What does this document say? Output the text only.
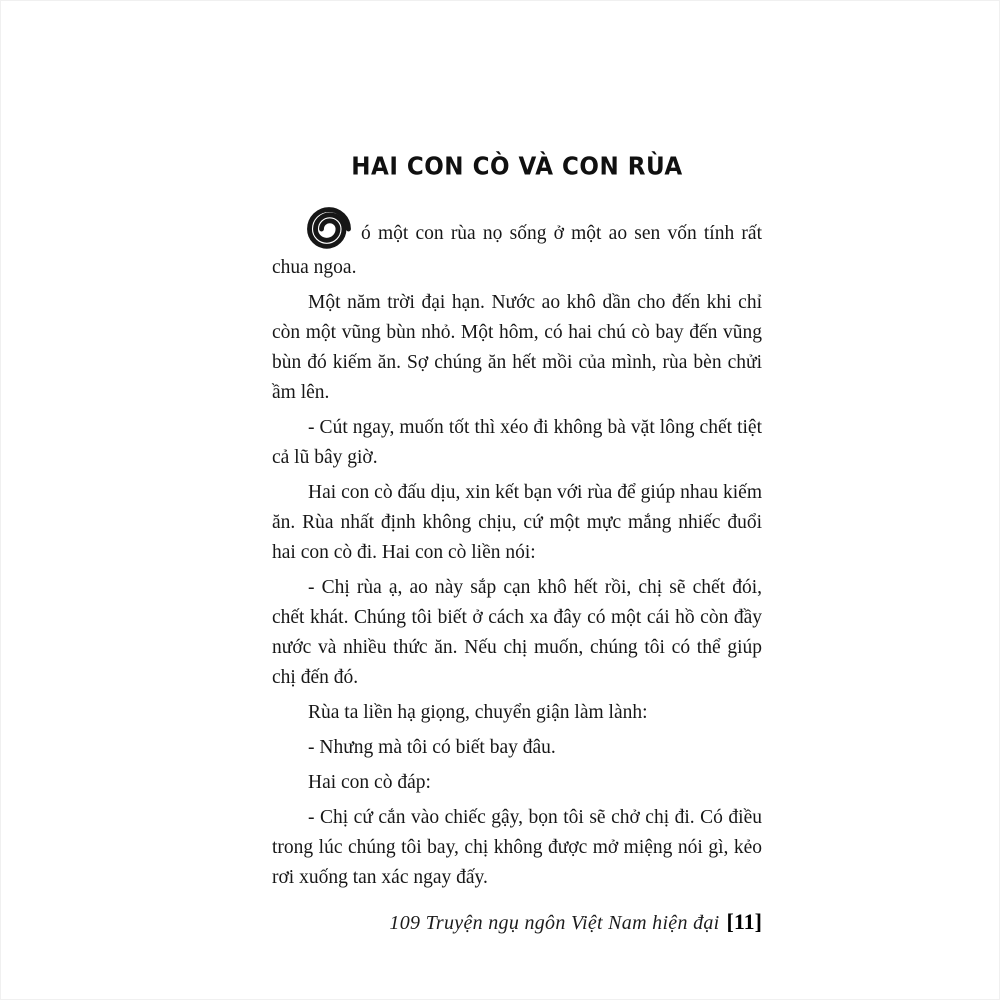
HAI CON CÒ VÀ CON RÙA

ó một con rùa nọ sống ở một ao sen vốn tính rất chua ngoa.

Một năm trời đại hạn. Nước ao khô dần cho đến khi chỉ còn một vũng bùn nhỏ. Một hôm, có hai chú cò bay đến vũng bùn đó kiếm ăn. Sợ chúng ăn hết mồi của mình, rùa bèn chửi ầm lên.

- Cút ngay, muốn tốt thì xéo đi không bà vặt lông chết tiệt cả lũ bây giờ.

Hai con cò đấu dịu, xin kết bạn với rùa để giúp nhau kiếm ăn. Rùa nhất định không chịu, cứ một mực mắng nhiếc đuổi hai con cò đi. Hai con cò liền nói:

- Chị rùa ạ, ao này sắp cạn khô hết rồi, chị sẽ chết đói, chết khát. Chúng tôi biết ở cách xa đây có một cái hồ còn đầy nước và nhiều thức ăn. Nếu chị muốn, chúng tôi có thể giúp chị đến đó.

Rùa ta liền hạ giọng, chuyển giận làm lành:

- Nhưng mà tôi có biết bay đâu.

Hai con cò đáp:

- Chị cứ cắn vào chiếc gậy, bọn tôi sẽ chở chị đi. Có điều trong lúc chúng tôi bay, chị không được mở miệng nói gì, kẻo rơi xuống tan xác ngay đấy.

109 Truyện ngụ ngôn Việt Nam hiện đại [11]
